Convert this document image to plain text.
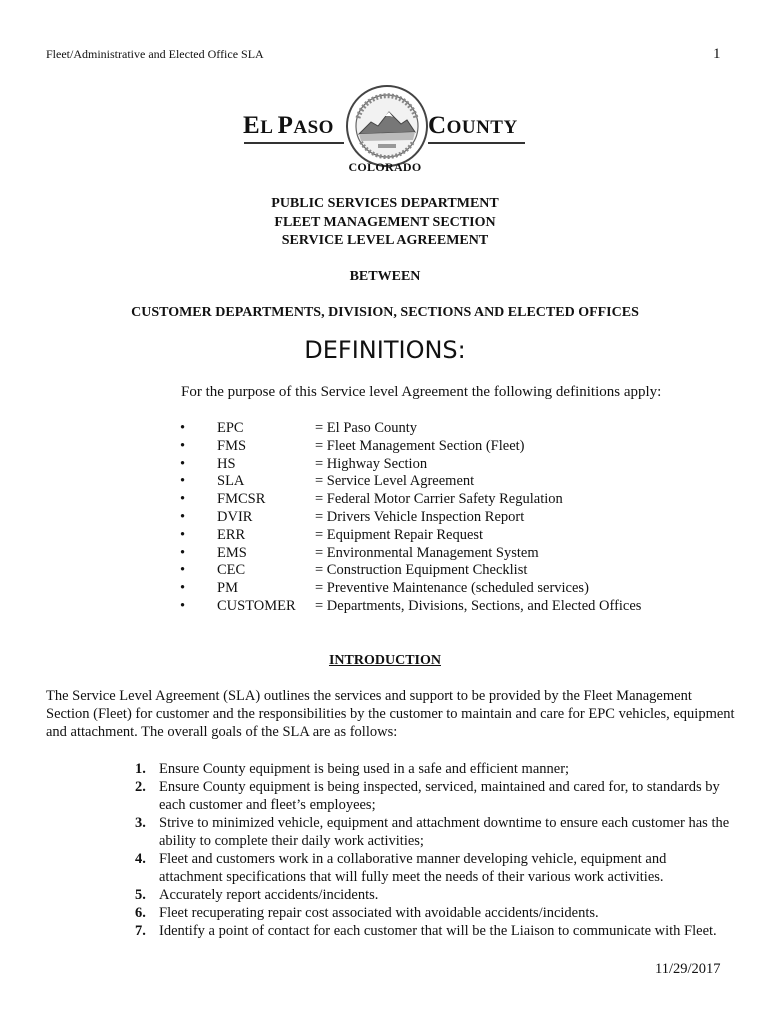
Fleet/Administrative and Elected Office SLA	1
EL PASO	COUNTY
COLORADO
PUBLIC SERVICES DEPARTMENT
FLEET MANAGEMENT SECTION
SERVICE LEVEL AGREEMENT
BETWEEN
CUSTOMER DEPARTMENTS, DIVISION, SECTIONS AND ELECTED OFFICES
DEFINITIONS:
For the purpose of this Service level Agreement the following definitions apply:
• EPC	= El Paso County
• FMS	= Fleet Management Section (Fleet)
• HS	= Highway Section
• SLA	= Service Level Agreement
• FMCSR	= Federal Motor Carrier Safety Regulation
• DVIR	= Drivers Vehicle Inspection Report
• ERR	= Equipment Repair Request
• EMS	= Environmental Management System
• CEC	= Construction Equipment Checklist
• PM	= Preventive Maintenance (scheduled services)
• CUSTOMER = Departments, Divisions, Sections, and Elected Offices
INTRODUCTION
The Service Level Agreement (SLA) outlines the services and support to be provided by the Fleet Management Section (Fleet) for customer and the responsibilities by the customer to maintain and care for EPC vehicles, equipment and attachment. The overall goals of the SLA are as follows:
1. Ensure County equipment is being used in a safe and efficient manner;
2. Ensure County equipment is being inspected, serviced, maintained and cared for, to standards by each customer and fleet’s employees;
3. Strive to minimized vehicle, equipment and attachment downtime to ensure each customer has the ability to complete their daily work activities;
4. Fleet and customers work in a collaborative manner developing vehicle, equipment and attachment specifications that will fully meet the needs of their various work activities.
5. Accurately report accidents/incidents.
6. Fleet recuperating repair cost associated with avoidable accidents/incidents.
7. Identify a point of contact for each customer that will be the Liaison to communicate with Fleet.
11/29/2017
